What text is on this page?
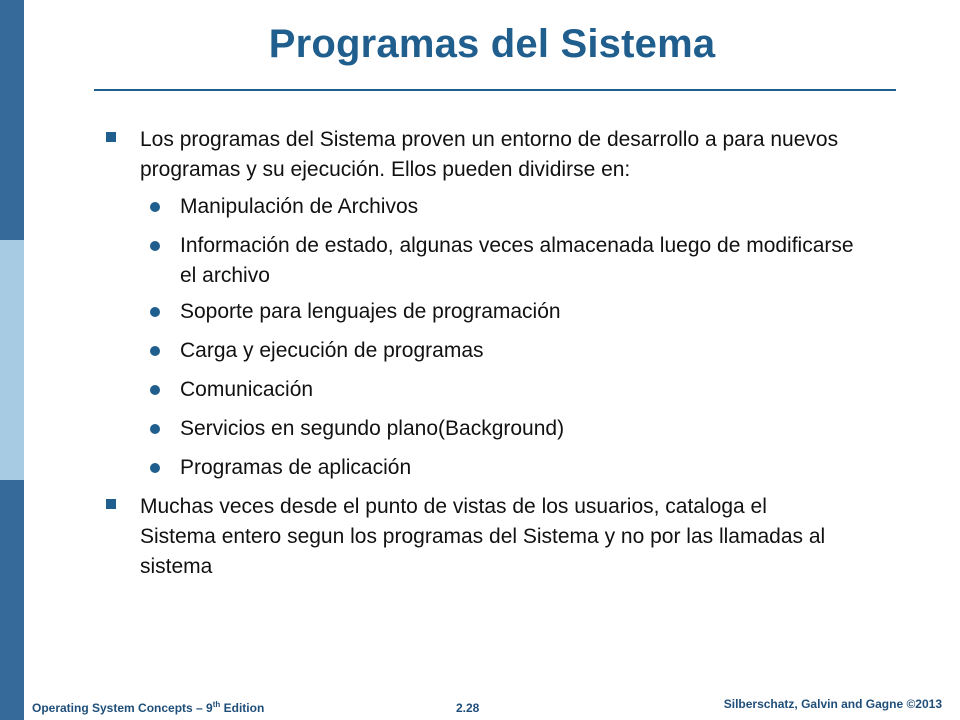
Programas del Sistema
Los programas del Sistema proven un entorno de desarrollo a para nuevos programas y su ejecución. Ellos pueden dividirse en:
Manipulación de Archivos
Información de estado, algunas veces almacenada luego de modificarse el archivo
Soporte para lenguajes de programación
Carga y ejecución de programas
Comunicación
Servicios en segundo plano(Background)
Programas de aplicación
Muchas veces desde el punto de vistas de los usuarios, cataloga el Sistema entero segun los programas del Sistema y no por las llamadas al sistema
Operating System Concepts – 9th Edition	2.28	Silberschatz, Galvin and Gagne ©2013
